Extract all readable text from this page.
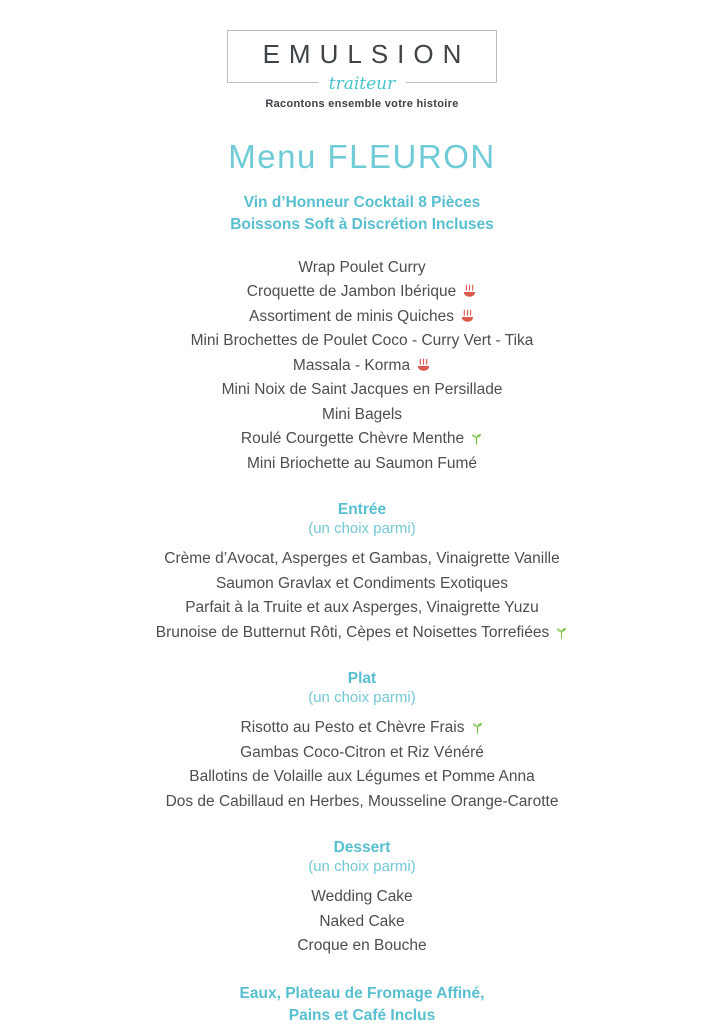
EMULSION
traiteur
Racontons ensemble votre histoire
Menu FLEURON
Vin d’Honneur Cocktail 8 Pièces
Boissons Soft à Discrétion Incluses
Wrap Poulet Curry
Croquette de Jambon Ibérique
Assortiment de minis Quiches
Mini Brochettes de Poulet Coco - Curry Vert - Tika
Massala - Korma
Mini Noix de Saint Jacques en Persillade
Mini Bagels
Roulé Courgette Chèvre Menthe
Mini Briochette au Saumon Fumé
Entrée
(un choix parmi)
Crème d’Avocat, Asperges et Gambas, Vinaigrette Vanille
Saumon Gravlax et Condiments Exotiques
Parfait à la Truite et aux Asperges, Vinaigrette Yuzu
Brunoise de Butternut Rôti, Cèpes et Noisettes Torrefiées
Plat
(un choix parmi)
Risotto au Pesto et Chèvre Frais
Gambas Coco-Citron et Riz Vénéré
Ballotins de Volaille aux Légumes et Pomme Anna
Dos de Cabillaud en Herbes, Mousseline Orange-Carotte
Dessert
(un choix parmi)
Wedding Cake
Naked Cake
Croque en Bouche
Eaux, Plateau de Fromage Affiné,
Pains et Café Inclus
